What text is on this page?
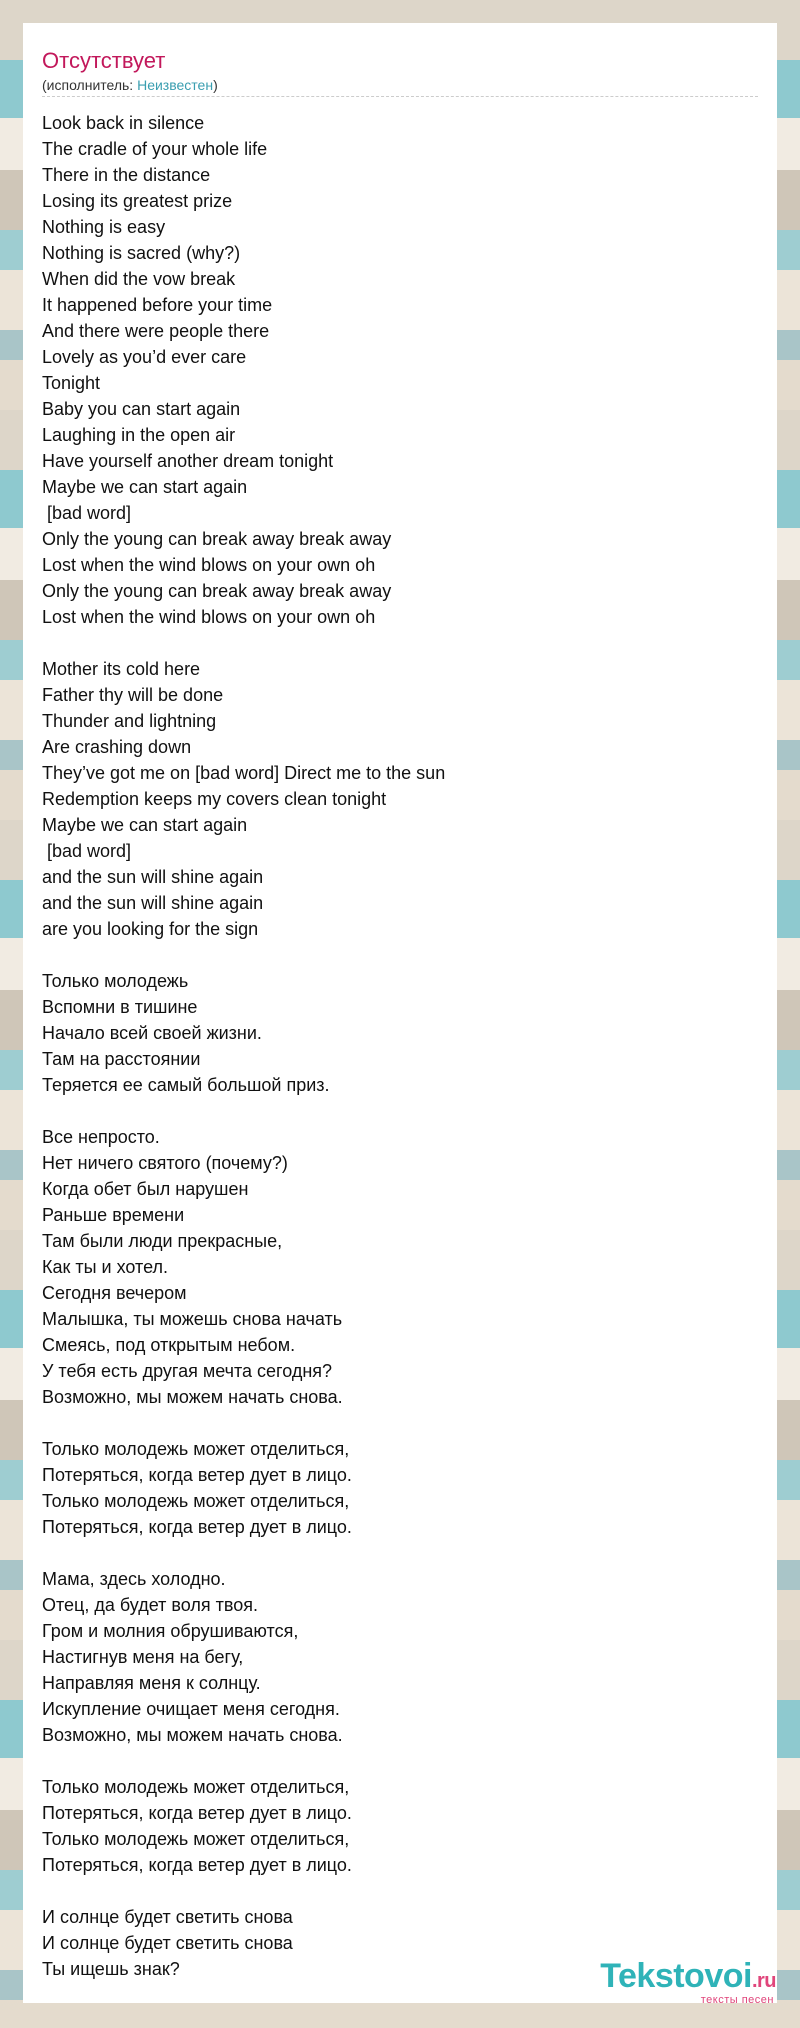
Отсутствует
(исполнитель: Неизвестен)
Look back in silence
The cradle of your whole life
There in the distance
Losing its greatest prize
Nothing is easy
Nothing is sacred (why?)
When did the vow break
It happened before your time
And there were people there
Lovely as you’d ever care
Tonight
Baby you can start again
Laughing in the open air
Have yourself another dream tonight
Maybe we can start again
[bad word]
Only the young can break away break away
Lost when the wind blows on your own oh
Only the young can break away break away
Lost when the wind blows on your own oh
Mother its cold here
Father thy will be done
Thunder and lightning
Are crashing down
They’ve got me on [bad word] Direct me to the sun
Redemption keeps my covers clean tonight
Maybe we can start again
[bad word]
and the sun will shine again
and the sun will shine again
are you looking for the sign
Только молодежь
Вспомни в тишине
Начало всей своей жизни.
Там на расстоянии
Теряется ее самый большой приз.
Все непросто.
Нет ничего святого (почему?)
Когда обет был нарушен
Раньше времени
Там были люди прекрасные,
Как ты и хотел.
Сегодня вечером
Малышка, ты можешь снова начать
Смеясь, под открытым небом.
У тебя есть другая мечта сегодня?
Возможно, мы можем начать снова.
Только молодежь может отделиться,
Потеряться, когда ветер дует в лицо.
Только молодежь может отделиться,
Потеряться, когда ветер дует в лицо.
Мама, здесь холодно.
Отец, да будет воля твоя.
Гром и молния обрушиваются,
Настигнув меня на бегу,
Направляя меня к солнцу.
Искупление очищает меня сегодня.
Возможно, мы можем начать снова.
Только молодежь может отделиться,
Потеряться, когда ветер дует в лицо.
Только молодежь может отделиться,
Потеряться, когда ветер дует в лицо.
И солнце будет светить снова
И солнце будет светить снова
Ты ищешь знак?	Tekstovoi.ru
тексты песен
